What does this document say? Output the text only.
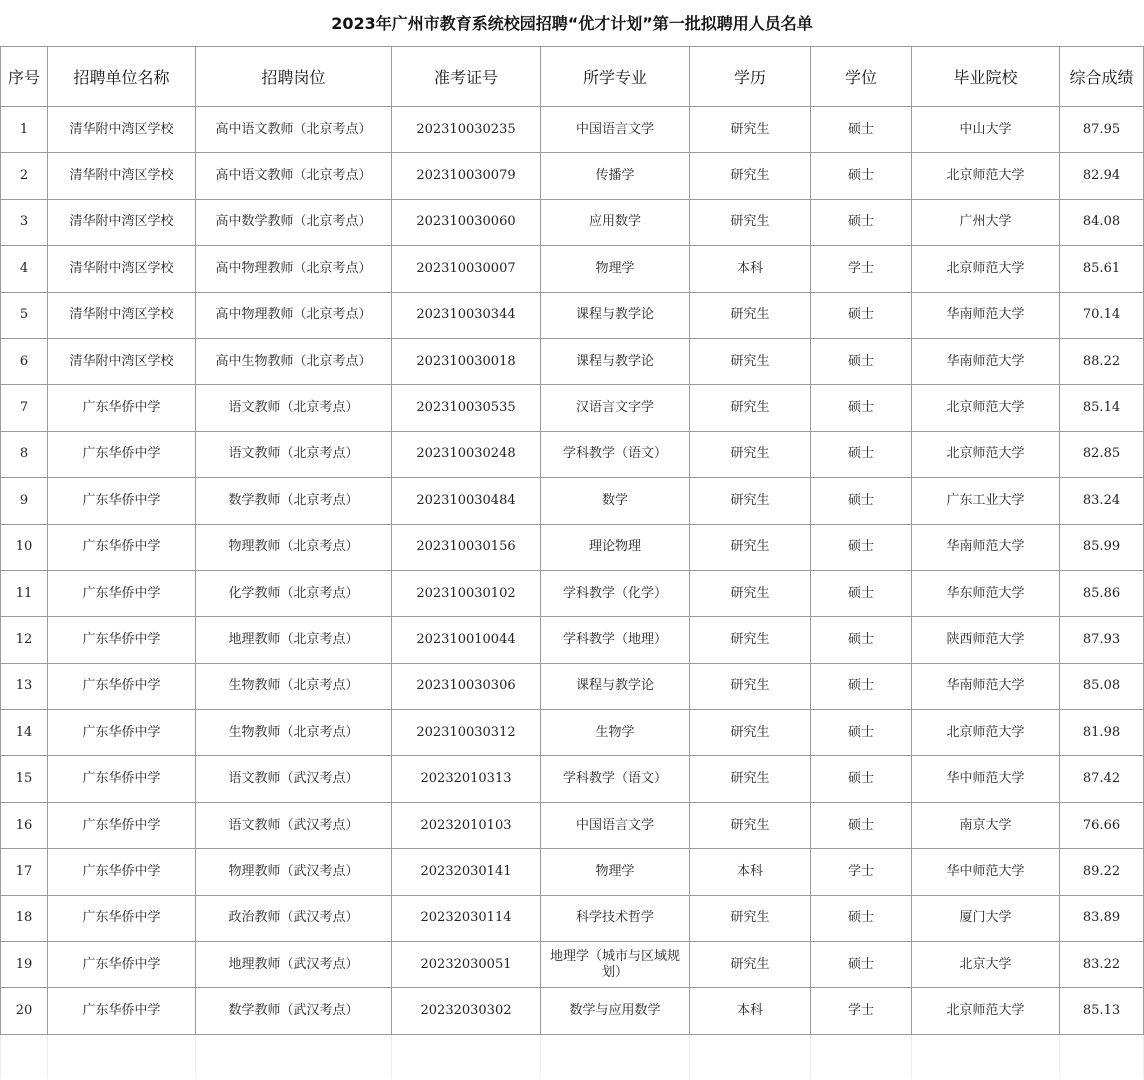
2023年广州市教育系统校园招聘“优才计划”第一批拟聘用人员名单
序号	招聘单位名称	招聘岗位	准考证号	所学专业	学历	学位	毕业院校	综合成绩
1	清华附中湾区学校	高中语文教师（北京考点）	202310030235	中国语言文学	研究生	硕士	中山大学	87.95
2	清华附中湾区学校	高中语文教师（北京考点）	202310030079	传播学	研究生	硕士	北京师范大学	82.94
3	清华附中湾区学校	高中数学教师（北京考点）	202310030060	应用数学	研究生	硕士	广州大学	84.08
4	清华附中湾区学校	高中物理教师（北京考点）	202310030007	物理学	本科	学士	北京师范大学	85.61
5	清华附中湾区学校	高中物理教师（北京考点）	202310030344	课程与教学论	研究生	硕士	华南师范大学	70.14
6	清华附中湾区学校	高中生物教师（北京考点）	202310030018	课程与教学论	研究生	硕士	华南师范大学	88.22
7	广东华侨中学	语文教师（北京考点）	202310030535	汉语言文字学	研究生	硕士	北京师范大学	85.14
8	广东华侨中学	语文教师（北京考点）	202310030248	学科教学（语文）	研究生	硕士	北京师范大学	82.85
9	广东华侨中学	数学教师（北京考点）	202310030484	数学	研究生	硕士	广东工业大学	83.24
10	广东华侨中学	物理教师（北京考点）	202310030156	理论物理	研究生	硕士	华南师范大学	85.99
11	广东华侨中学	化学教师（北京考点）	202310030102	学科教学（化学）	研究生	硕士	华东师范大学	85.86
12	广东华侨中学	地理教师（北京考点）	202310010044	学科教学（地理）	研究生	硕士	陕西师范大学	87.93
13	广东华侨中学	生物教师（北京考点）	202310030306	课程与教学论	研究生	硕士	华南师范大学	85.08
14	广东华侨中学	生物教师（北京考点）	202310030312	生物学	研究生	硕士	北京师范大学	81.98
15	广东华侨中学	语文教师（武汉考点）	20232010313	学科教学（语文）	研究生	硕士	华中师范大学	87.42
16	广东华侨中学	语文教师（武汉考点）	20232010103	中国语言文学	研究生	硕士	南京大学	76.66
17	广东华侨中学	物理教师（武汉考点）	20232030141	物理学	本科	学士	华中师范大学	89.22
18	广东华侨中学	政治教师（武汉考点）	20232030114	科学技术哲学	研究生	硕士	厦门大学	83.89
19	广东华侨中学	地理教师（武汉考点）	20232030051	地理学（城市与区域规划）	研究生	硕士	北京大学	83.22
20	广东华侨中学	数学教师（武汉考点）	20232030302	数学与应用数学	本科	学士	北京师范大学	85.13
